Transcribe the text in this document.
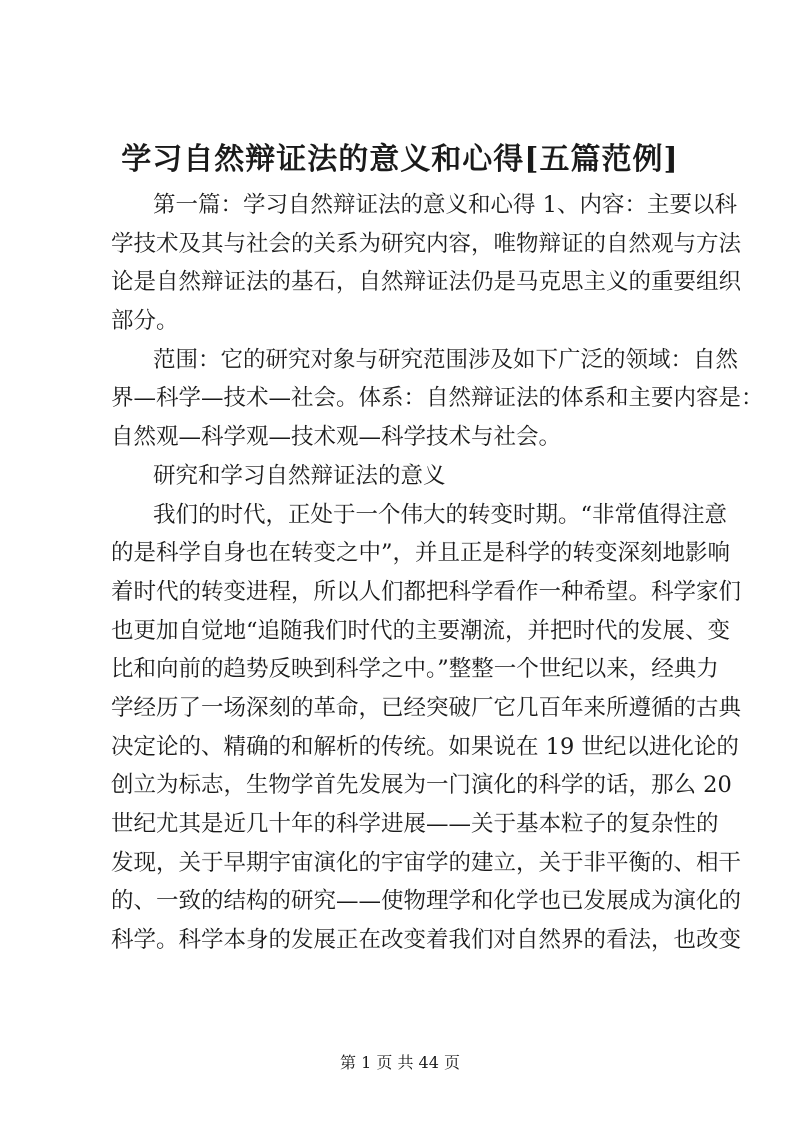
学习自然辩证法的意义和心得[五篇范例]
第一篇：学习自然辩证法的意义和心得 1、内容：主要以科
学技术及其与社会的关系为研究内容，唯物辩证的自然观与方法
论是自然辩证法的基石，自然辩证法仍是马克思主义的重要组织
部分。
范围：它的研究对象与研究范围涉及如下广泛的领域：自然
界—科学—技术—社会。体系：自然辩证法的体系和主要内容是：
自然观—科学观—技术观—科学技术与社会。
研究和学习自然辩证法的意义
我们的时代，正处于一个伟大的转变时期。“非常值得注意
的是科学自身也在转变之中”，并且正是科学的转变深刻地影响
着时代的转变进程，所以人们都把科学看作一种希望。科学家们
也更加自觉地“追随我们时代的主要潮流，并把时代的发展、变
比和向前的趋势反映到科学之中。”整整一个世纪以来，经典力
学经历了一场深刻的革命，已经突破厂它几百年来所遵循的古典
决定论的、精确的和解析的传统。如果说在 19 世纪以进化论的
创立为标志，生物学首先发展为一门演化的科学的话，那么 20
世纪尤其是近几十年的科学进展——关于基本粒子的复杂性的
发现，关于早期宇宙演化的宇宙学的建立，关于非平衡的、相干
的、一致的结构的研究——使物理学和化学也已发展成为演化的
科学。科学本身的发展正在改变着我们对自然界的看法，也改变
第 1 页 共 44 页
